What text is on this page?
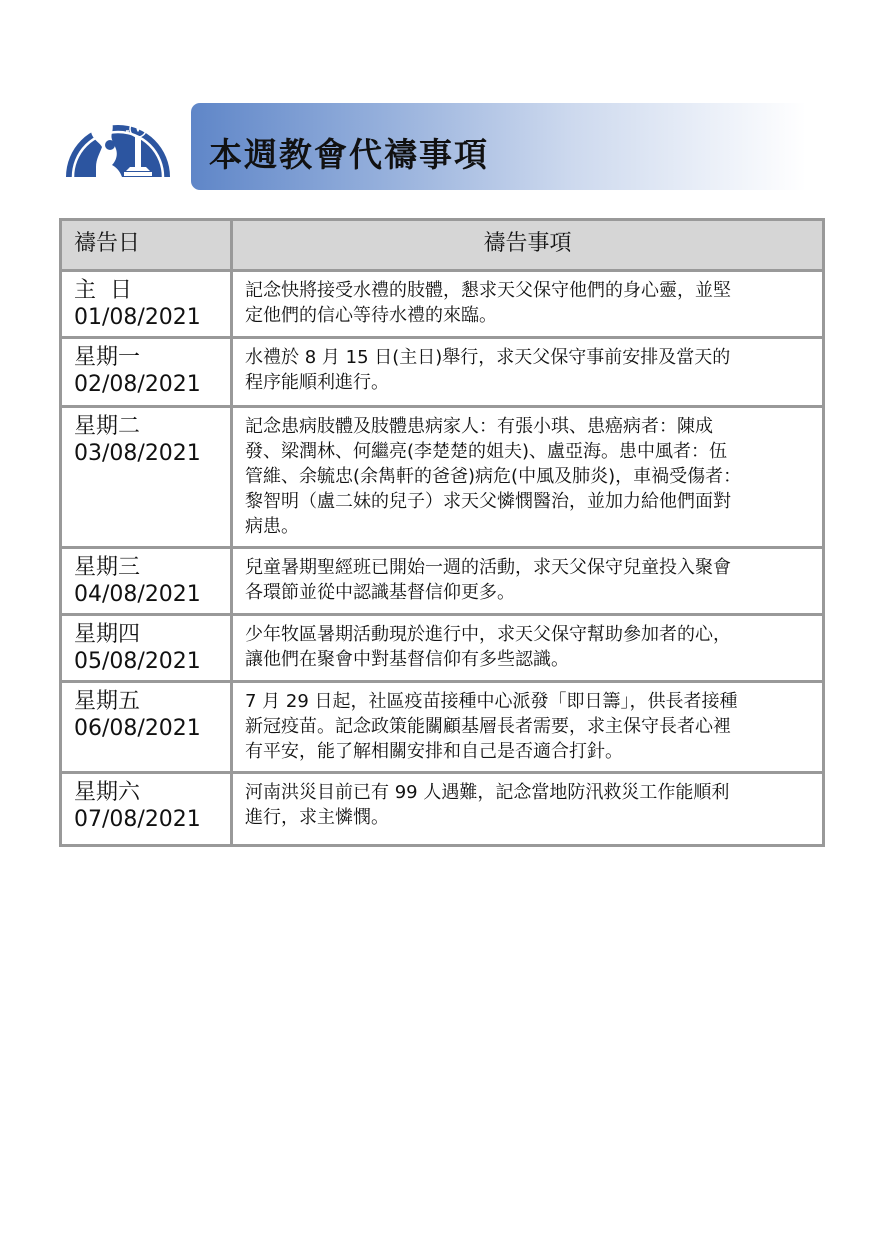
本週教會代禱事項
禱告日	禱告事項

主  日
01/08/2021	記念快將接受水禮的肢體，懇求天父保守他們的身心靈，並堅
定他們的信心等待水禮的來臨。

星期一
02/08/2021	水禮於 8 月 15 日(主日)舉行，求天父保守事前安排及當天的
程序能順利進行。

星期二
03/08/2021	記念患病肢體及肢體患病家人：有張小琪、患癌病者：陳成
發、梁潤林、何繼亮(李楚楚的姐夫)、盧亞海。患中風者：伍
管維、余毓忠(余雋軒的爸爸)病危(中風及肺炎)，車禍受傷者：
黎智明（盧二妹的兒子）求天父憐憫醫治，並加力給他們面對
病患。

星期三
04/08/2021	兒童暑期聖經班已開始一週的活動，求天父保守兒童投入聚會
各環節並從中認識基督信仰更多。

星期四
05/08/2021	少年牧區暑期活動現於進行中，求天父保守幫助參加者的心，
讓他們在聚會中對基督信仰有多些認識。

星期五
06/08/2021	7 月 29 日起，社區疫苗接種中心派發「即日籌」，供長者接種
新冠疫苗。記念政策能關顧基層長者需要，求主保守長者心裡
有平安，能了解相關安排和自己是否適合打針。

星期六
07/08/2021	河南洪災目前已有 99 人遇難，記念當地防汛救災工作能順利
進行，求主憐憫。
